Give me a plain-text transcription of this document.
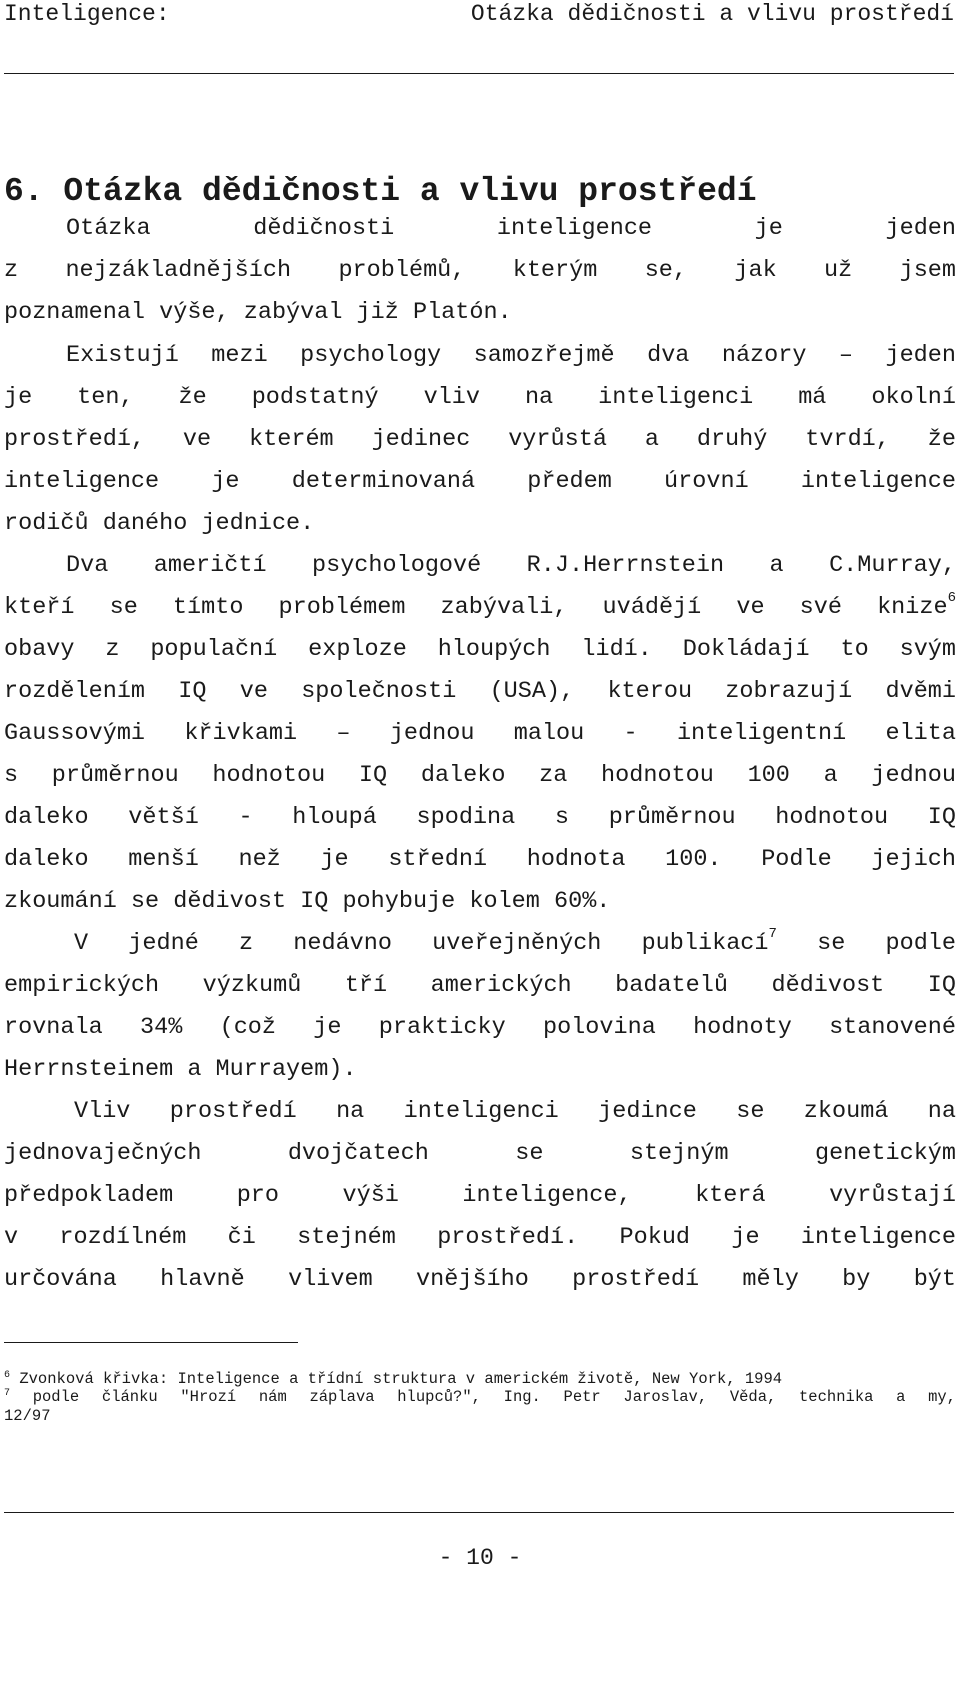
Inteligence:	Otázka dědičnosti a vlivu prostředí
6. Otázka dědičnosti a vlivu prostředí
Otázka dědičnosti inteligence je jeden
z nejzákladnějších problémů, kterým se, jak už jsem
poznamenal výše, zabýval již Platón.
Existují mezi psychology samozřejmě dva názory – jeden
je ten, že podstatný vliv na inteligenci má okolní
prostředí, ve kterém jedinec vyrůstá a druhý tvrdí, že
inteligence je determinovaná předem úrovní inteligence
rodičů daného jednice.
Dva američtí psychologové R.J.Herrnstein a C.Murray,
kteří se tímto problémem zabývali, uvádějí ve své knize$^6$
obavy z populační exploze hloupých lidí. Dokládají to svým
rozdělením IQ ve společnosti (USA), kterou zobrazují dvěmi
Gaussovými křivkami – jednou malou - inteligentní elita
s průměrnou hodnotou IQ daleko za hodnotou 100 a jednou
daleko větší - hloupá spodina s průměrnou hodnotou IQ
daleko menší než je střední hodnota 100. Podle jejich
zkoumání se dědivost IQ pohybuje kolem 60%.
V jedné z nedávno uveřejněných publikací$^7$ se podle
empirických výzkumů tří amerických badatelů dědivost IQ
rovnala 34% (což je prakticky polovina hodnoty stanovené
Herrnsteinem a Murrayem).
Vliv prostředí na inteligenci jedince se zkoumá na
jednovaječných dvojčatech se stejným genetickým
předpokladem pro výši inteligence, která vyrůstají
v rozdílném či stejném prostředí. Pokud je inteligence
určována hlavně vlivem vnějšího prostředí měly by být
$^6$ Zvonková křivka: Inteligence a třídní struktura v americkém životě, New York, 1994
$^7$ podle článku "Hrozí nám záplava hlupců?", Ing. Petr Jaroslav, Věda, technika a my,
12/97
- 10 -
